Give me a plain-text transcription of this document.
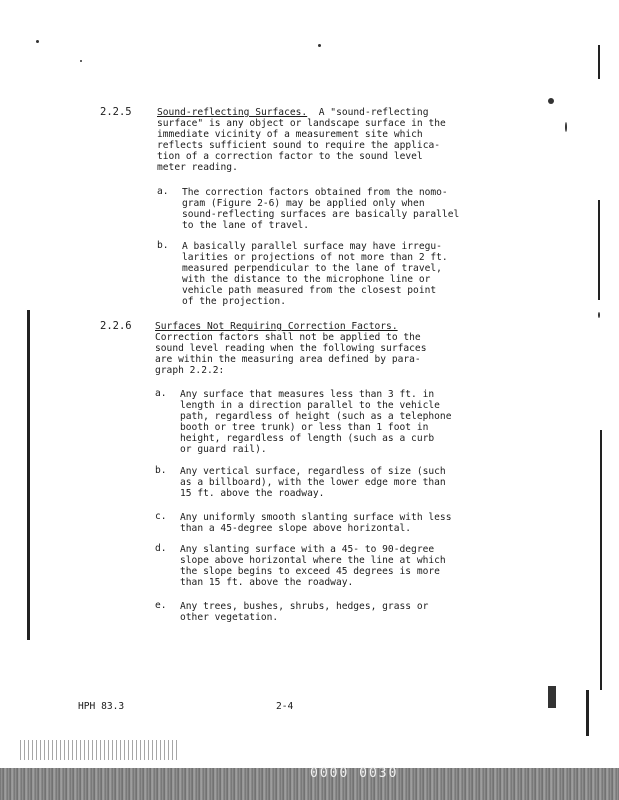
2.2.5	Sound-reflecting Surfaces.  A "sound-reflecting
surface" is any object or landscape surface in the
immediate vicinity of a measurement site which
reflects sufficient sound to require the applica-
tion of a correction factor to the sound level
meter reading.
a. The correction factors obtained from the nomo-
gram (Figure 2-6) may be applied only when
sound-reflecting surfaces are basically parallel
to the lane of travel.
b. A basically parallel surface may have irregu-
larities or projections of not more than 2 ft.
measured perpendicular to the lane of travel,
with the distance to the microphone line or
vehicle path measured from the closest point
of the projection.
2.2.6 Surfaces Not Requiring Correction Factors.
Correction factors shall not be applied to the
sound level reading when the following surfaces
are within the measuring area defined by para-
graph 2.2.2:
a. Any surface that measures less than 3 ft. in
length in a direction parallel to the vehicle
path, regardless of height (such as a telephone
booth or tree trunk) or less than 1 foot in
height, regardless of length (such as a curb
or guard rail).
b. Any vertical surface, regardless of size (such
as a billboard), with the lower edge more than
15 ft. above the roadway.
c. Any uniformly smooth slanting surface with less
than a 45-degree slope above horizontal.
d. Any slanting surface with a 45- to 90-degree
slope above horizontal where the line at which
the slope begins to exceed 45 degrees is more
than 15 ft. above the roadway.
e. Any trees, bushes, shrubs, hedges, grass or
other vegetation.
HPH 83.3	2-4
0000 0030
